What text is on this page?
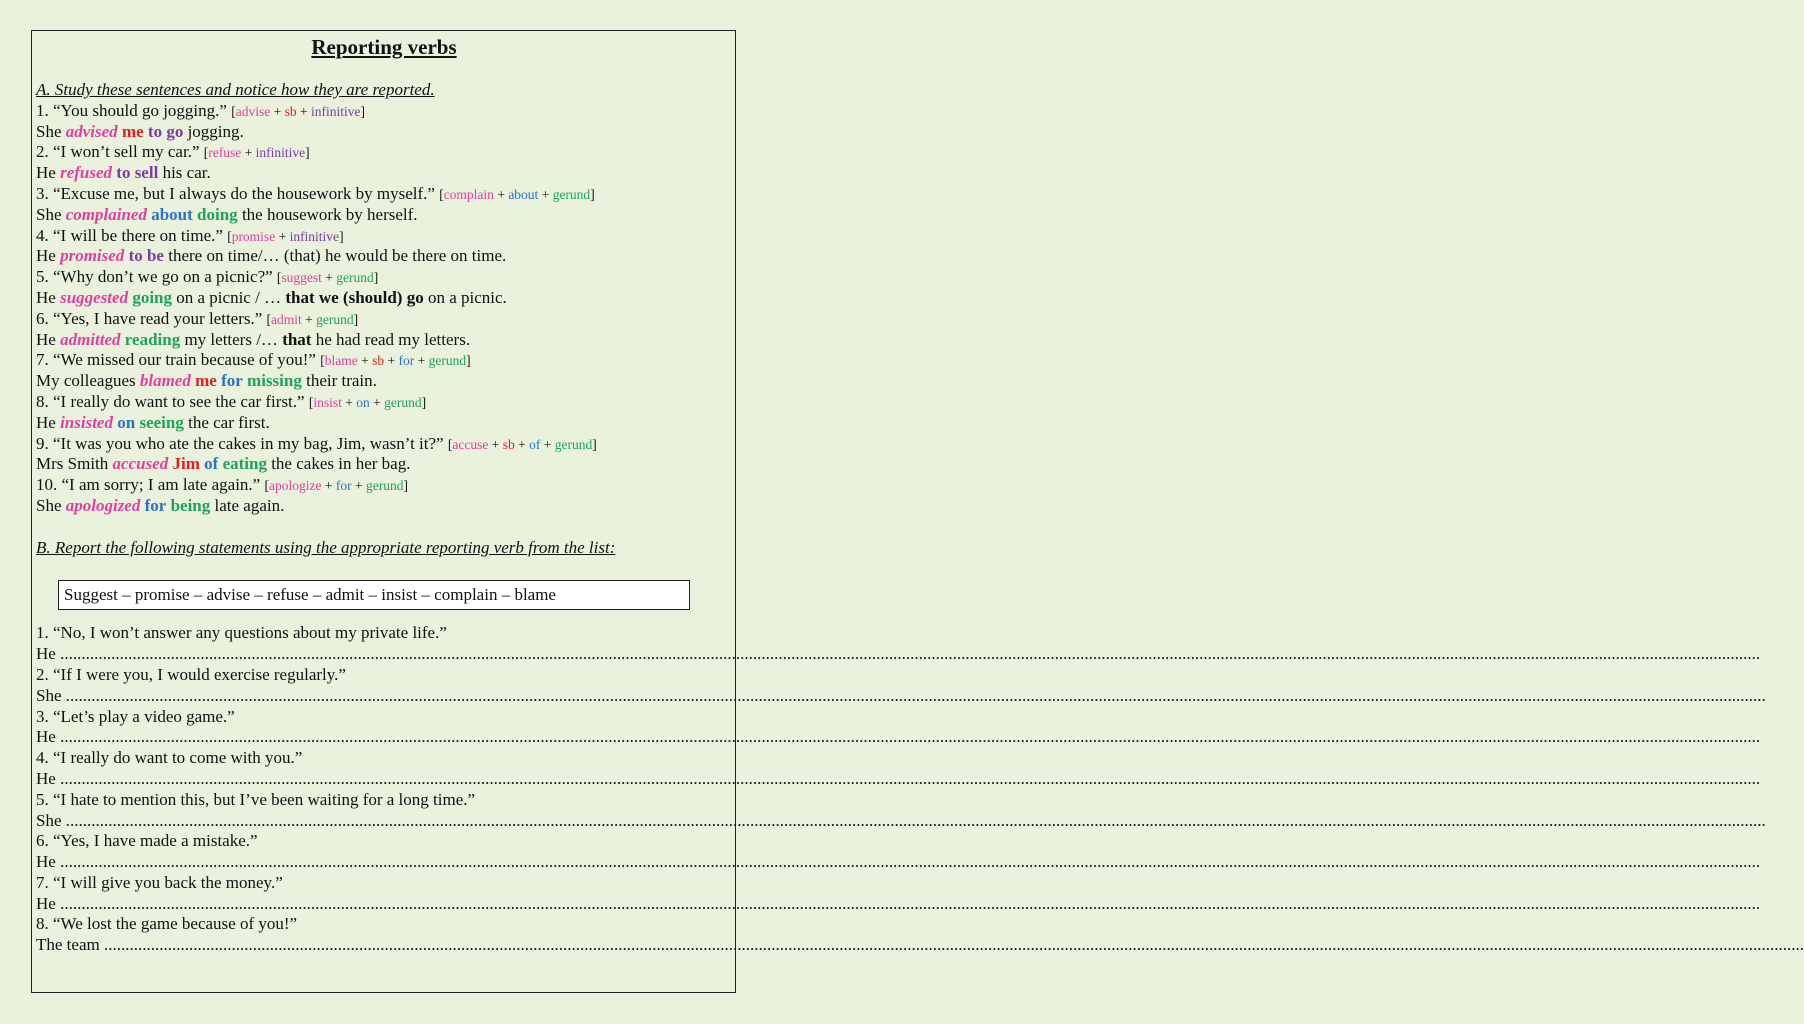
Reporting verbs
A. Study these sentences and notice how they are reported.
1. “You should go jogging.” [advise + sb + infinitive]
She advised me to go jogging.
2. “I won’t sell my car.” [refuse + infinitive]
He refused to sell his car.
3. “Excuse me, but I always do the housework by myself.” [complain + about + gerund]
She complained about doing the housework by herself.
4. “I will be there on time.” [promise + infinitive]
He promised to be there on time/… (that) he would be there on time.
5. “Why don’t we go on a picnic?” [suggest + gerund]
He suggested going on a picnic / … that we (should) go on a picnic.
6. “Yes, I have read your letters.” [admit + gerund]
He admitted reading my letters /… that he had read my letters.
7. “We missed our train because of you!” [blame + sb + for + gerund]
My colleagues blamed me for missing their train.
8. “I really do want to see the car first.” [insist + on + gerund]
He insisted on seeing the car first.
9. “It was you who ate the cakes in my bag, Jim, wasn’t it?” [accuse + sb + of + gerund]
Mrs Smith accused Jim of eating the cakes in her bag.
10. “I am sorry; I am late again.” [apologize + for + gerund]
She apologized for being late again.
B. Report the following statements using the appropriate reporting verb from the list:
Suggest – promise – advise – refuse – admit – insist – complain – blame
1. “No, I won’t answer any questions about my private life.”
He ................................................................................................................................................................................................................................................................................................................................................................................................................
2. “If I were you, I would exercise regularly.”
She ................................................................................................................................................................................................................................................................................................................................................................................................................
3. “Let’s play a video game.”
He ................................................................................................................................................................................................................................................................................................................................................................................................................
4. “I really do want to come with you.”
He ................................................................................................................................................................................................................................................................................................................................................................................................................
5. “I hate to mention this, but I’ve been waiting for a long time.”
She ................................................................................................................................................................................................................................................................................................................................................................................................................
6. “Yes, I have made a mistake.”
He ................................................................................................................................................................................................................................................................................................................................................................................................................
7. “I will give you back the money.”
He ................................................................................................................................................................................................................................................................................................................................................................................................................
8. “We lost the game because of you!”
The team ................................................................................................................................................................................................................................................................................................................................................................................................................
